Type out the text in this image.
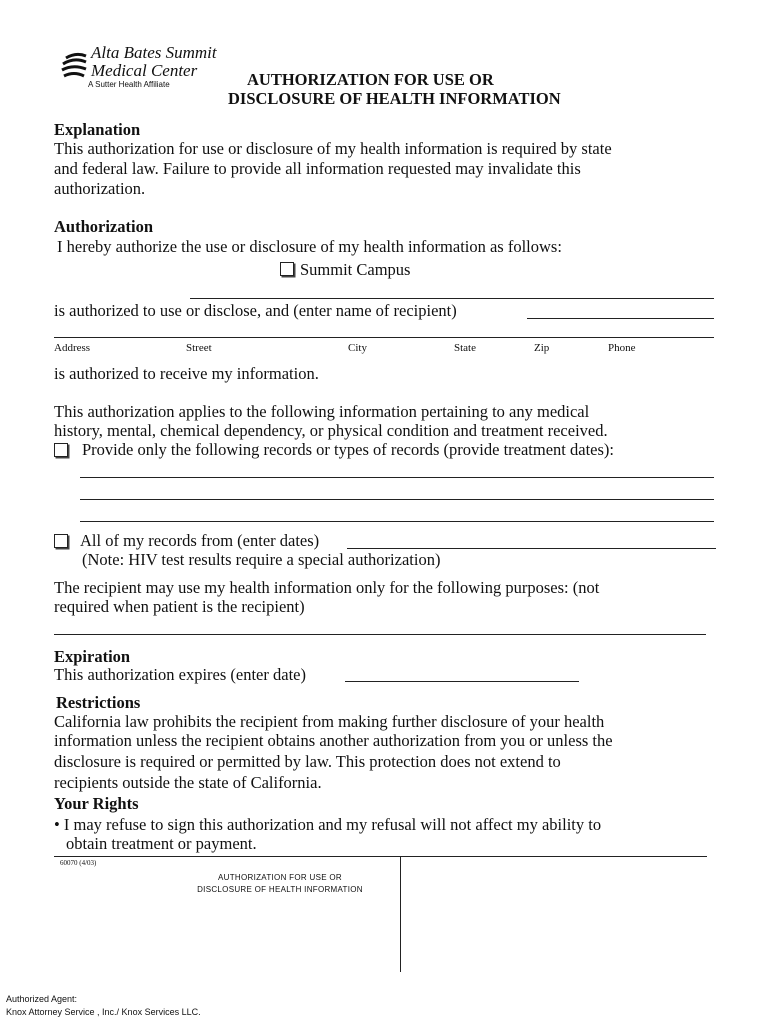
Alta Bates Summit
Medical Center
A Sutter Health Affiliate	AUTHORIZATION FOR USE OR
DISCLOSURE OF HEALTH INFORMATION
Explanation
This authorization for use or disclosure of my health information is required by state
and federal law. Failure to provide all information requested may invalidate this
authorization.
Authorization
I hereby authorize the use or disclosure of my health information as follows:
Summit Campus
is authorized to use or disclose, and (enter name of recipient)
Address	Street	City	State	Zip	Phone
is authorized to receive my information.
This authorization applies to the following information pertaining to any medical
history, mental, chemical dependency, or physical condition and treatment received.
Provide only the following records or types of records (provide treatment dates):
All of my records from (enter dates)
(Note: HIV test results require a special authorization)
The recipient may use my health information only for the following purposes: (not
required when patient is the recipient)
Expiration
This authorization expires (enter date)
Restrictions
California law prohibits the recipient from making further disclosure of your health
information unless the recipient obtains another authorization from you or unless the
disclosure is required or permitted by law. This protection does not extend to
recipients outside the state of California.
Your Rights
• I may refuse to sign this authorization and my refusal will not affect my ability to
obtain treatment or payment.
60070 (4/03)
AUTHORIZATION FOR USE OR
DISCLOSURE OF HEALTH INFORMATION
Authorized Agent:
Knox Attorney Service , Inc./ Knox Services LLC.
